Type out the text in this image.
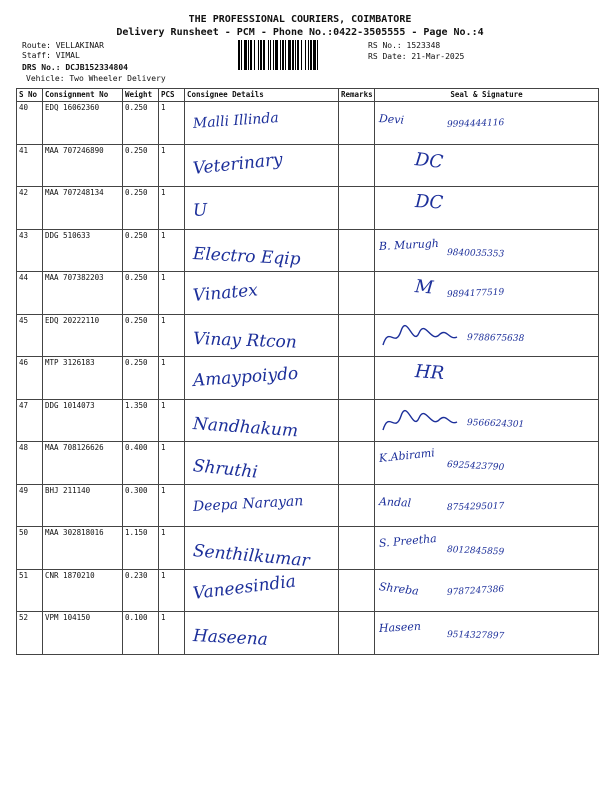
THE PROFESSIONAL COURIERS, COIMBATORE
Delivery Runsheet - PCM - Phone No.:0422-3505555 - Page No.:4
Route: VELLAKINAR
Staff: VIMAL
DRS No.: DCJB152334804
Vehicle: Two Wheeler Delivery
RS No.: 1523348
RS Date: 21-Mar-2025
S No	Consignment No	Weight	PCS	Consignee Details	Remarks	Seal & Signature
40	EDQ 16062360	0.250	1	Malli Illinda		Devi 9994444116

41	MAA 707246890	0.250	1	Veterinary		DC

42	MAA 707248134	0.250	1	U		DC

43	DDG 510633	0.250	1	Electro Eqip		B. Murugh
9840035353

44	MAA 707382203	0.250	1	Vinatex		M 9894177519

45	EDQ 20222110	0.250	1	Vinay Rtcon		9788675638

46	MTP 3126183	0.250	1	Amaypoiydo		HR

47	DDG 1014073	1.350	1	Nandhakum		9566624301

48	MAA 708126626	0.400	1	Shruthi		K.Abirami
6925423790

49	BHJ 211140	0.300	1	Deepa Narayan		Andal 8754295017

50	MAA 302818016	1.150	1	Senthilkumar		S. Preetha
8012845859

51	CNR 1870210	0.230	1	Vaneesindia		Shreba 9787247386

52	VPM 104150	0.100	1	Haseena		Haseen
9514327897
